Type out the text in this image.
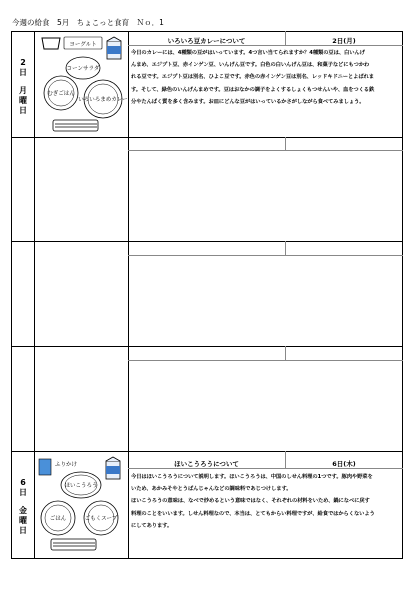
今週の給食　5月　ちょこっと食育　Ｎｏ．1
2
日
月
曜
日
いろいろ豆カレーについて	2日(月)

今日のカレーには、4種類の豆がはいっています。4つ言い当てられますか？4種類の豆は、白いんげ

んまめ、エジプト豆、赤インゲン豆、いんげん豆です。白色の白いんげん豆は、和菓子などにもつかわ

れる豆です。エジプト豆は別名、ひよこ豆です。赤色の赤インゲン豆は別名、レッドキドニーとよばれま

す。そして、緑色のいんげんまめです。豆はおなかの調子をよくするしょくもつせんいや、血をつくる鉄

分やたんぱく質を多く含みます。お皿にどんな豆がはいっているかさがしながら食べてみましょう。

ヨーグルト
コーンサラダ
むぎごはん
いろいろまめカレー
6
日
金
曜
日
ほいこうろうについて	6日(木)

今日はほいこうろうについて説明します。ほいこうろうは、中国のしせん料理の1つです。豚肉や野菜を

いため、あかみそやとうばんじゃんなどの調味料であじつけします。

ほいこうろうの意味は、なべで炒めるという意味ではなく、それぞれの材料をいため、鍋になべに戻す

料理のことをいいます。しせん料理なので、本当は、とてもからい料理ですが、給食ではからくないよう

にしてあります。

ふりかけ
ほいこうろう
ごはん	ごもくスープ
